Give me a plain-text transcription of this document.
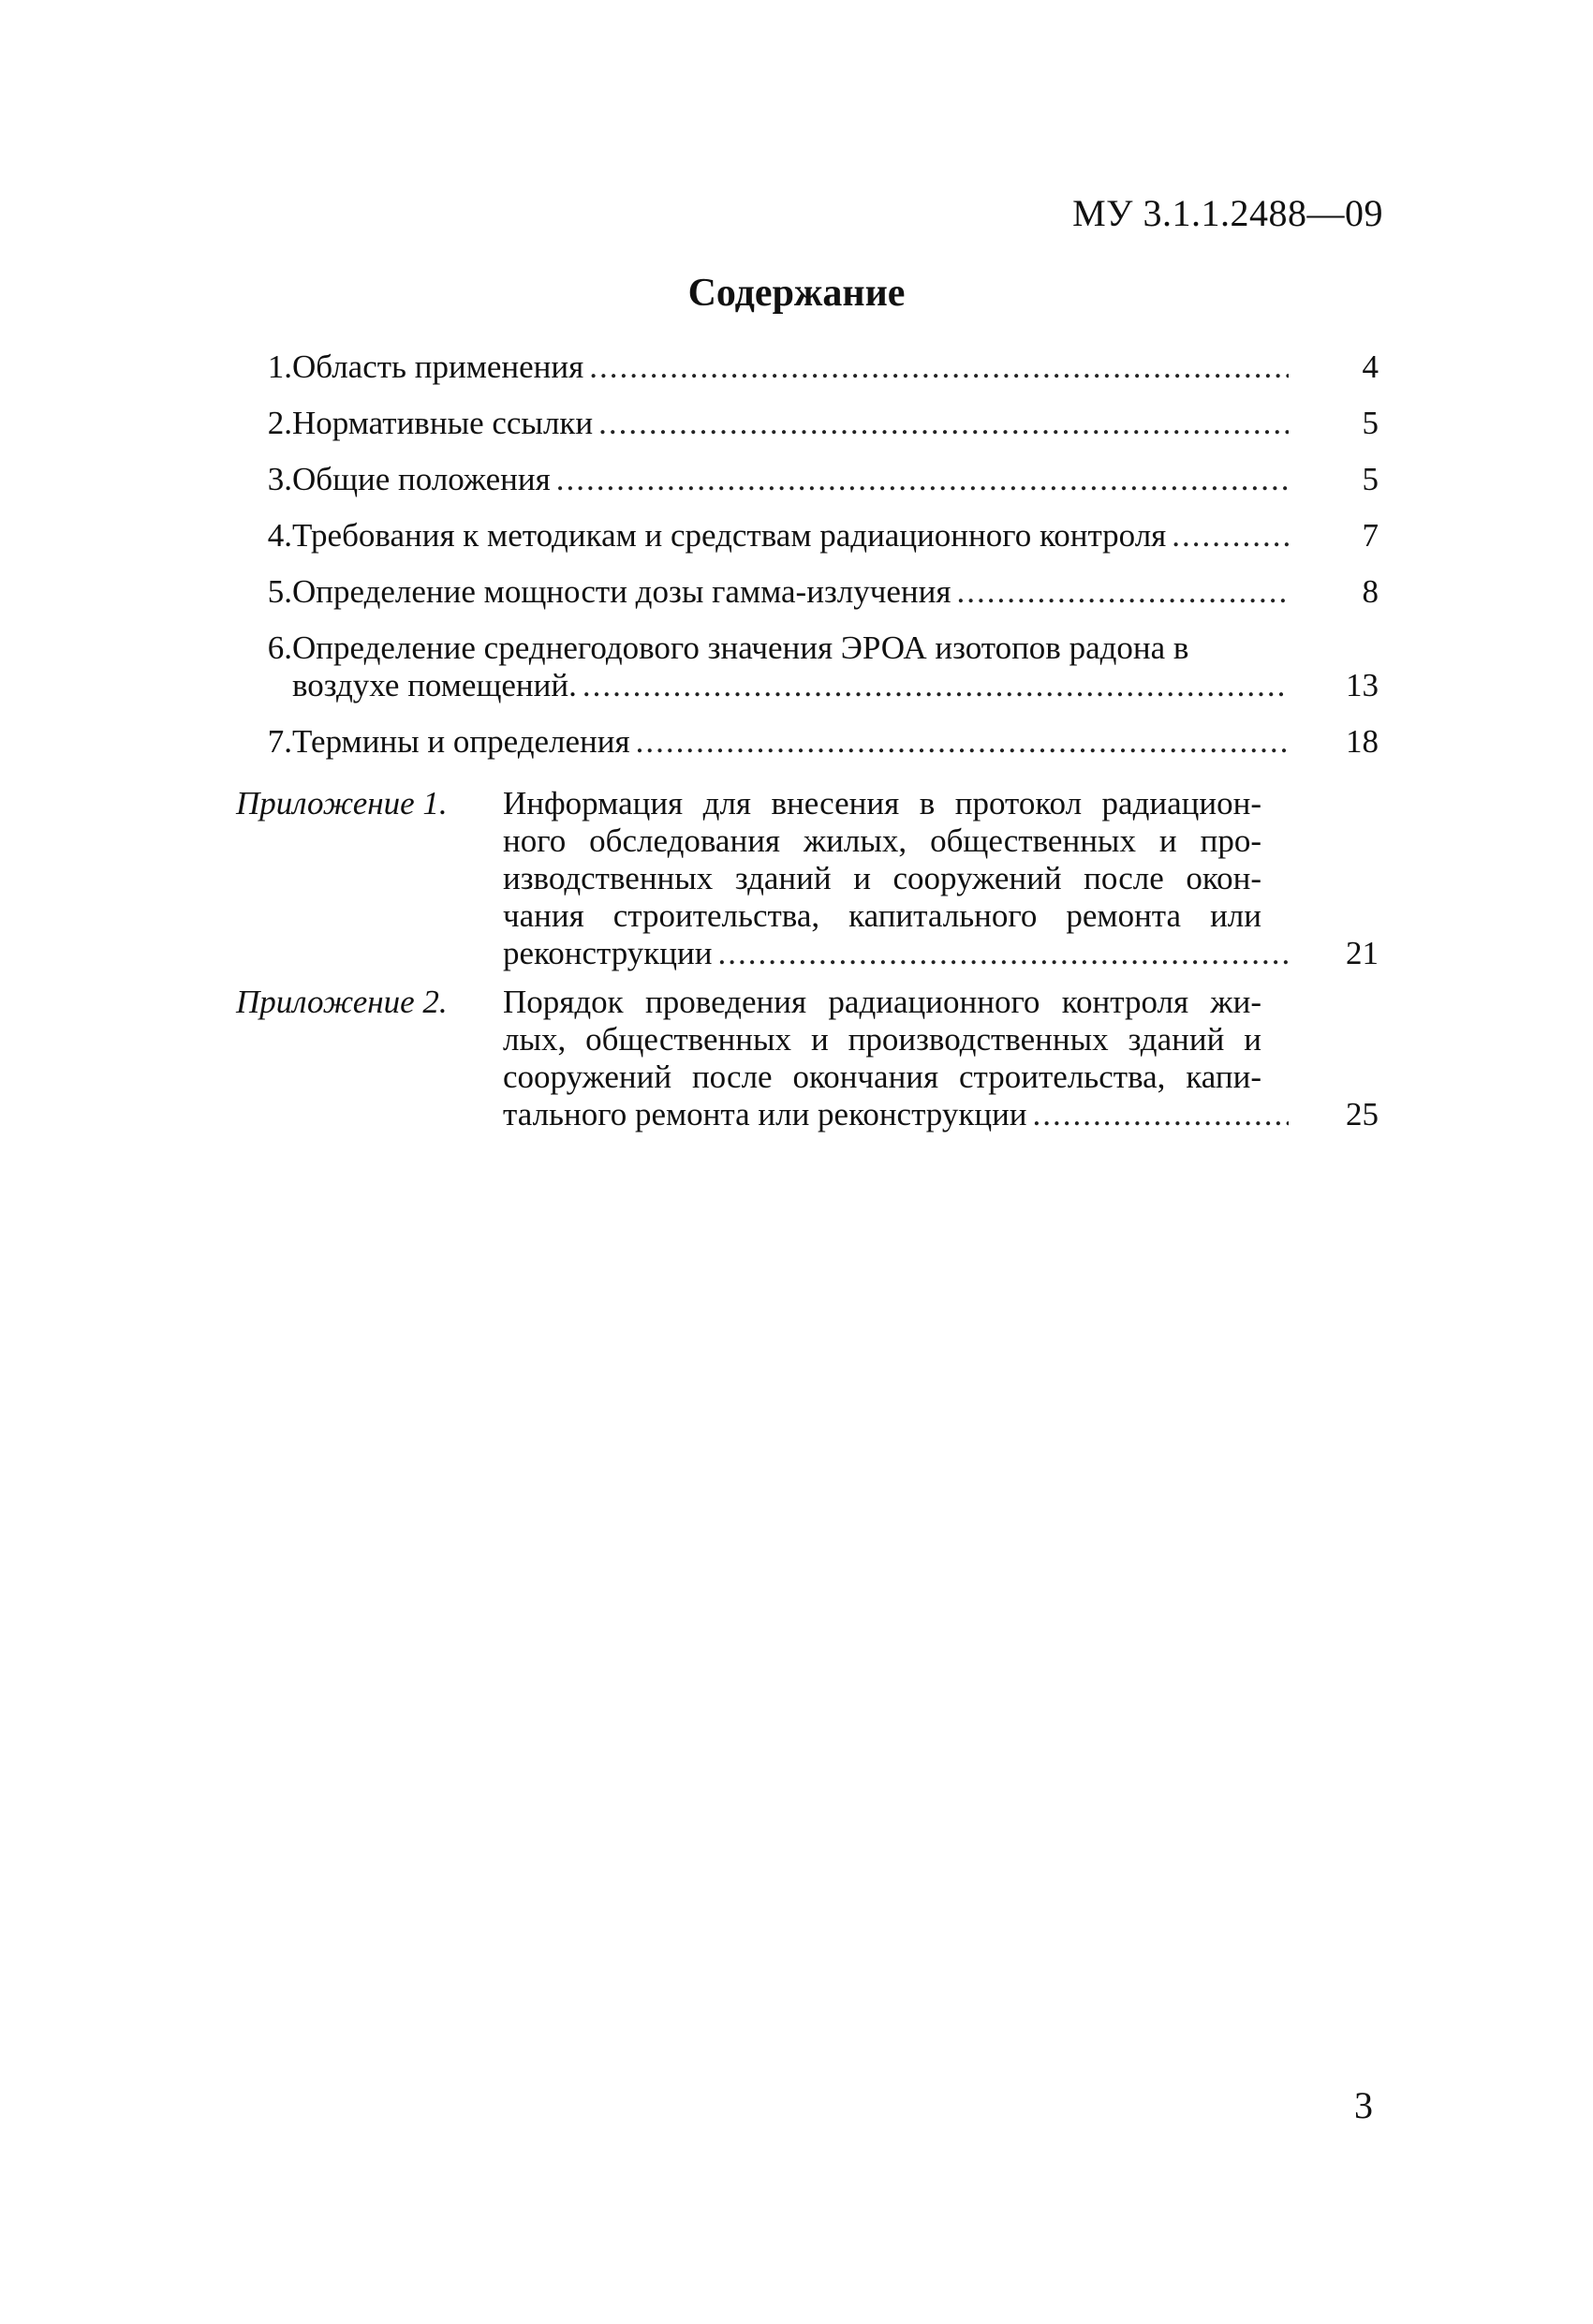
МУ 3.1.1.2488—09
Содержание
1. Область применения .....	4
2. Нормативные ссылки .....	5
3. Общие положения .....	5
4. Требования к методикам и средствам радиационного контроля .....	7
5. Определение мощности дозы гамма-излучения .....	8
6. Определение среднегодового значения ЭРОА изотопов радона в
воздухе помещений. .....	13
7. Термины и определения .....	18
Приложение 1. Информация для внесения в протокол радиацион-
ного обследования жилых, общественных и про-
изводственных зданий и сооружений после окон-
чания строительства, капитального ремонта или
реконструкции .....	21
Приложение 2. Порядок проведения радиационного контроля жи-
лых, общественных и производственных зданий и
сооружений после окончания строительства, капи-
тального ремонта или реконструкции .....	25
3
